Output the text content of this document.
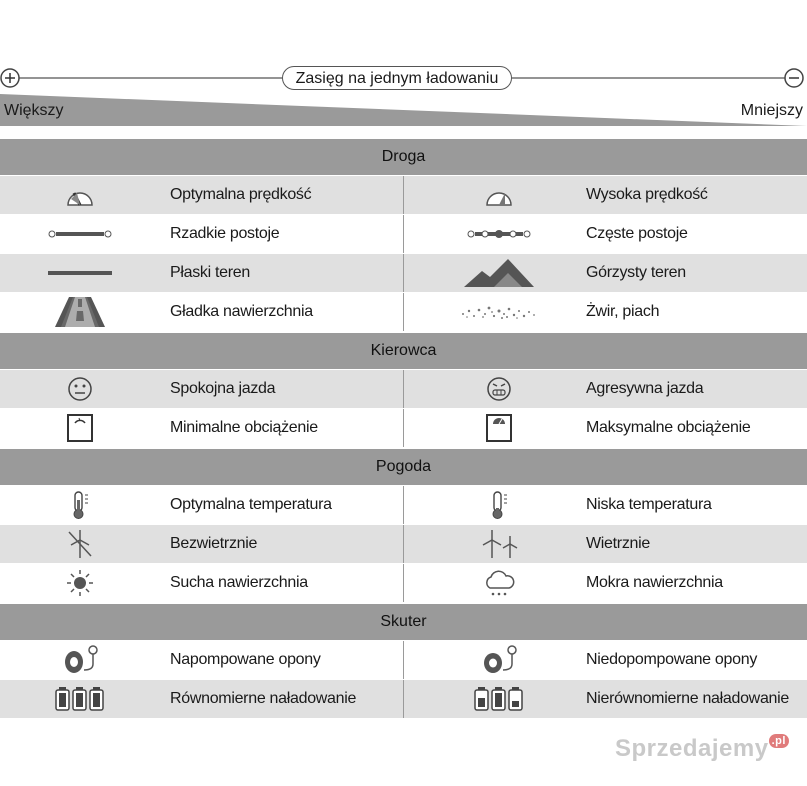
Zasięg na jednym ładowaniu
Większy	Mniejszy
Droga
Optymalna prędkość	Wysoka prędkość
Rzadkie postoje	Częste postoje
Płaski teren	Górzysty teren
Gładka nawierzchnia	Żwir, piach
Kierowca
Spokojna jazda	Agresywna jazda
Minimalne obciążenie	Maksymalne obciążenie
Pogoda
Optymalna temperatura	Niska temperatura
Bezwietrznie	Wietrznie
Sucha nawierzchnia	Mokra nawierzchnia
Skuter
Napompowane opony	Niedopompowane opony
Równomierne naładowanie	Nierównomierne naładowanie
Sprzedajemy $^{.pl}$
